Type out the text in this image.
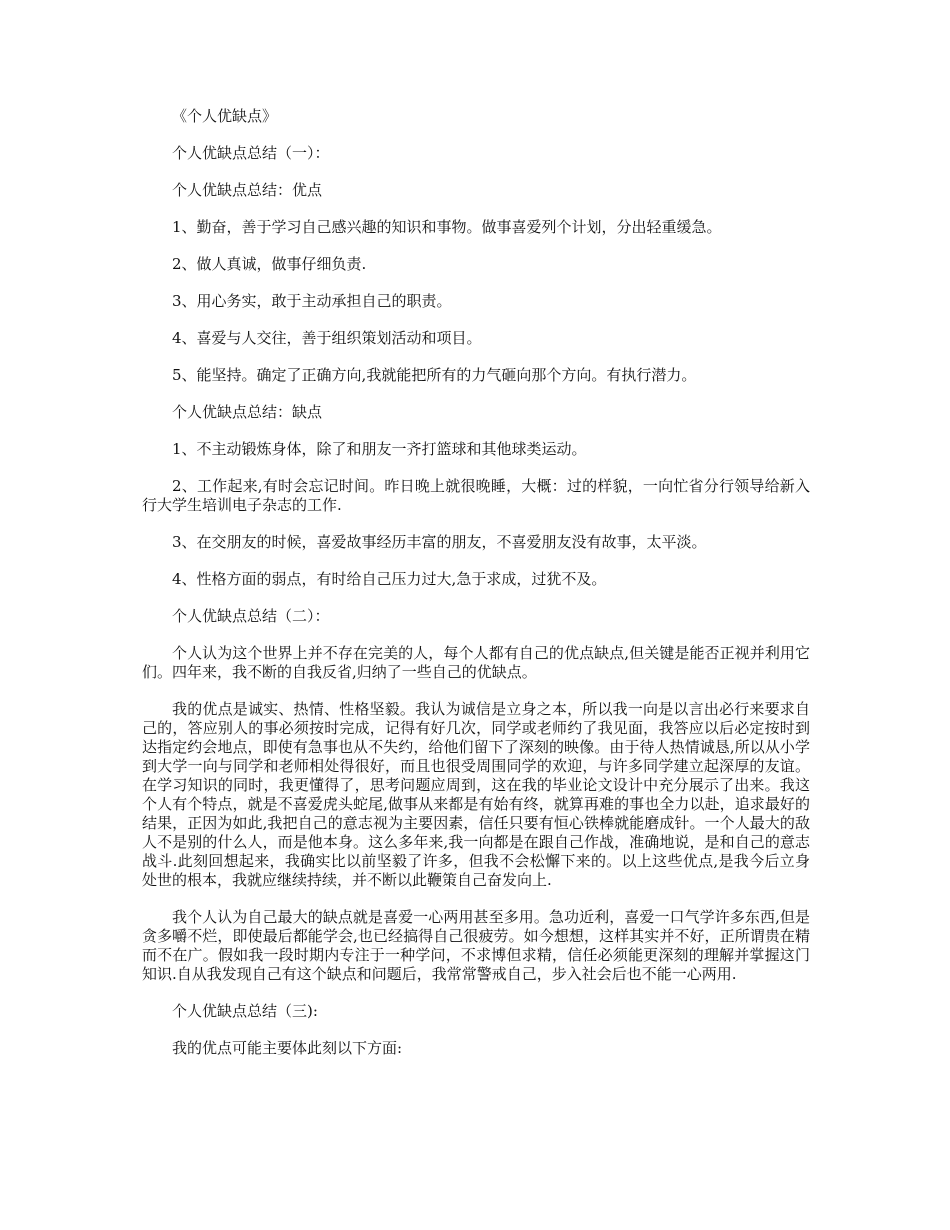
《个人优缺点》

个人优缺点总结（一）：

个人优缺点总结：优点

1、勤奋，善于学习自己感兴趣的知识和事物。做事喜爱列个计划，分出轻重缓急。

2、做人真诚，做事仔细负责.

3、用心务实，敢于主动承担自己的职责。

4、喜爱与人交往，善于组织策划活动和项目。

5、能坚持。确定了正确方向,我就能把所有的力气砸向那个方向。有执行潜力。

个人优缺点总结：缺点

1、不主动锻炼身体，除了和朋友一齐打篮球和其他球类运动。

2、工作起来,有时会忘记时间。昨日晚上就很晚睡，大概：过的样貌，一向忙省分行领导给新入行大学生培训电子杂志的工作.

3、在交朋友的时候，喜爱故事经历丰富的朋友，不喜爱朋友没有故事，太平淡。

4、性格方面的弱点，有时给自己压力过大,急于求成，过犹不及。

个人优缺点总结（二）：

个人认为这个世界上并不存在完美的人，每个人都有自己的优点缺点,但关键是能否正视并利用它们。四年来，我不断的自我反省,归纳了一些自己的优缺点。

我的优点是诚实、热情、性格坚毅。我认为诚信是立身之本，所以我一向是以言出必行来要求自己的，答应别人的事必须按时完成，记得有好几次，同学或老师约了我见面，我答应以后必定按时到达指定约会地点，即使有急事也从不失约，给他们留下了深刻的映像。由于待人热情诚恳,所以从小学到大学一向与同学和老师相处得很好，而且也很受周围同学的欢迎，与许多同学建立起深厚的友谊。在学习知识的同时，我更懂得了，思考问题应周到，这在我的毕业论文设计中充分展示了出来。我这个人有个特点，就是不喜爱虎头蛇尾,做事从来都是有始有终，就算再难的事也全力以赴，追求最好的结果，正因为如此,我把自己的意志视为主要因素，信任只要有恒心铁棒就能磨成针。一个人最大的敌人不是别的什么人，而是他本身。这么多年来,我一向都是在跟自己作战，准确地说，是和自己的意志战斗.此刻回想起来，我确实比以前坚毅了许多，但我不会松懈下来的。以上这些优点,是我今后立身处世的根本，我就应继续持续，并不断以此鞭策自己奋发向上.

我个人认为自己最大的缺点就是喜爱一心两用甚至多用。急功近利，喜爱一口气学许多东西,但是贪多嚼不烂，即使最后都能学会,也已经搞得自己很疲劳。如今想想，这样其实并不好，正所谓贵在精而不在广。假如我一段时期内专注于一种学问，不求博但求精，信任必须能更深刻的理解并掌握这门知识.自从我发现自己有这个缺点和问题后，我常常警戒自己，步入社会后也不能一心两用.

个人优缺点总结（三):

我的优点可能主要体此刻以下方面:
